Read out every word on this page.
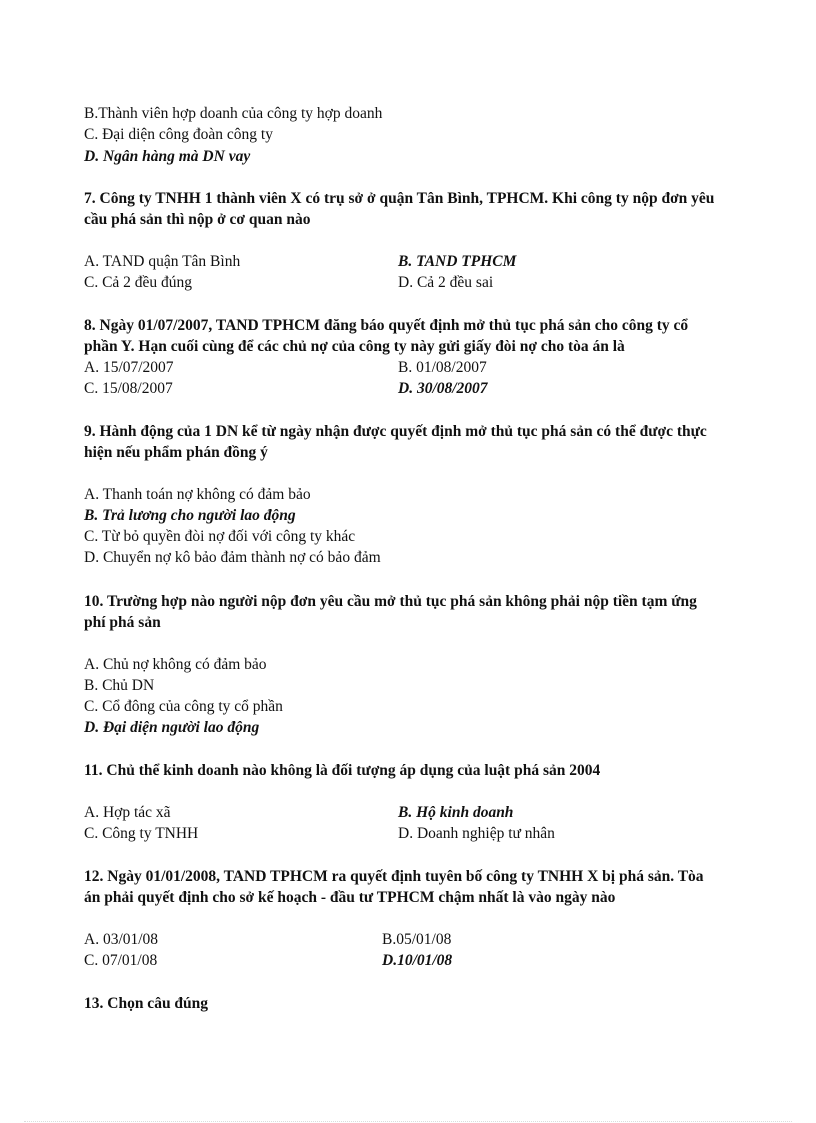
B.Thành viên hợp doanh của công ty hợp doanh
C. Đại diện công đoàn công ty
D. Ngân hàng mà DN vay
7. Công ty TNHH 1 thành viên X có trụ sở ở quận Tân Bình, TPHCM. Khi công ty nộp đơn yêu
cầu phá sản thì nộp ở cơ quan nào
A. TAND quận Tân Bình	B. TAND TPHCM
C. Cả 2 đều đúng	D. Cả 2 đều sai
8. Ngày 01/07/2007, TAND TPHCM đăng báo quyết định mở thủ tục phá sản cho công ty cổ
phần Y. Hạn cuối cùng để các chủ nợ của công ty này gửi giấy đòi nợ cho tòa án là
A. 15/07/2007	B. 01/08/2007
C. 15/08/2007	D. 30/08/2007
9. Hành động của 1 DN kể từ ngày nhận được quyết định mở thủ tục phá sản có thể được thực
hiện nếu phẩm phán đồng ý
A. Thanh toán nợ không có đảm bảo
B. Trả lương cho người lao động
C. Từ bỏ quyền đòi nợ đối với công ty khác
D. Chuyển nợ kô bảo đảm thành nợ có bảo đảm
10. Trường hợp nào người nộp đơn yêu cầu mở thủ tục phá sản không phải nộp tiền tạm ứng
phí phá sản
A. Chủ nợ không có đảm bảo
B. Chủ DN
C. Cổ đông của công ty cổ phần
D. Đại diện người lao động
11. Chủ thể kinh doanh nào không là đối tượng áp dụng của luật phá sản 2004
A. Hợp tác xã	B. Hộ kinh doanh
C. Công ty TNHH	D. Doanh nghiệp tư nhân
12. Ngày 01/01/2008, TAND TPHCM ra quyết định tuyên bố công ty TNHH X bị phá sản. Tòa
án phải quyết định cho sở kế hoạch - đầu tư TPHCM chậm nhất là vào ngày nào
A. 03/01/08	B.05/01/08
C. 07/01/08	D.10/01/08
13. Chọn câu đúng
